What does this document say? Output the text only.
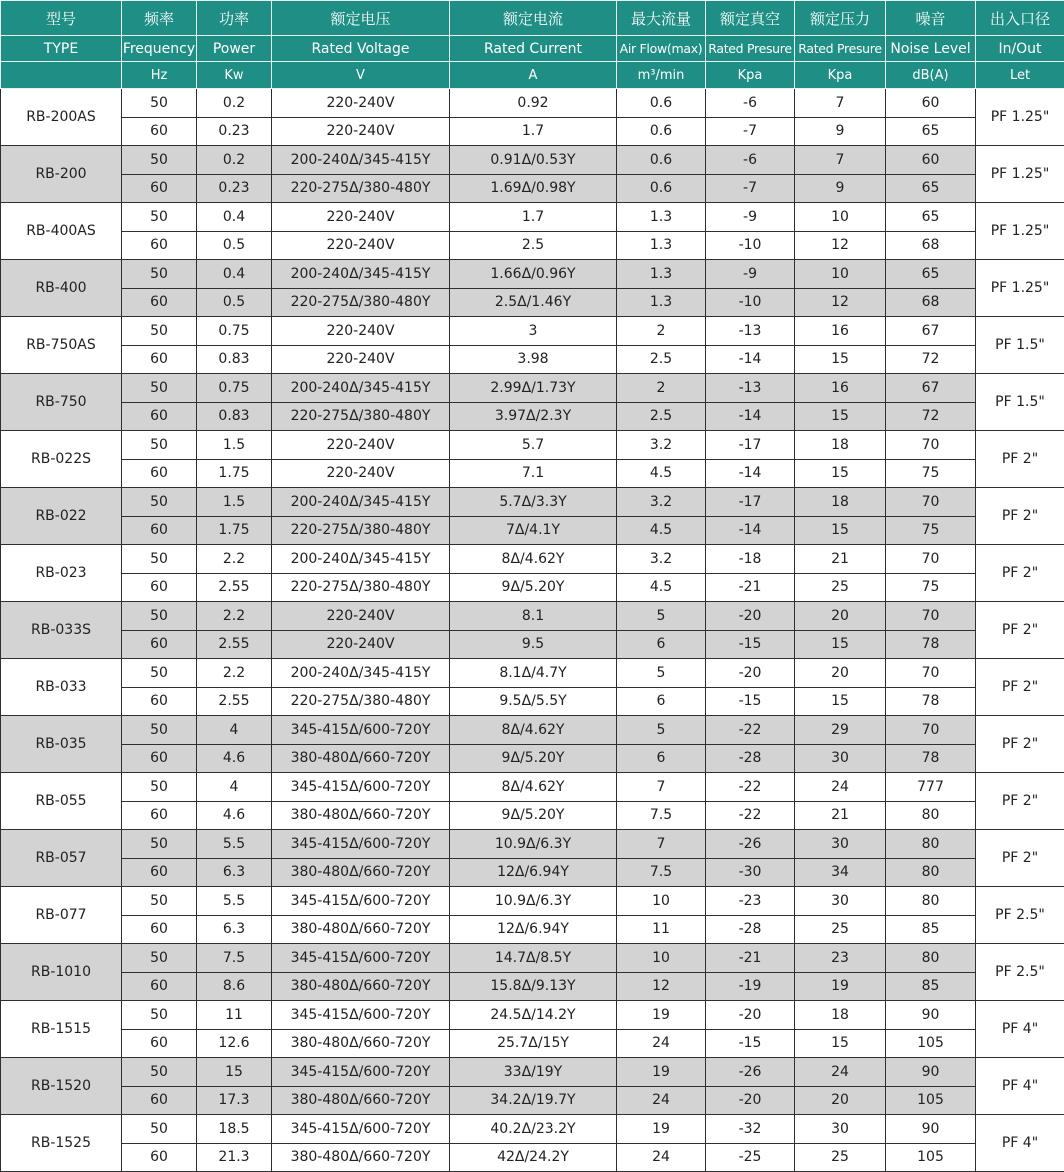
型号	频率	功率	额定电压	额定电流	最大流量	额定真空	额定压力	噪音	出入口径
TYPE	Frequency	Power	Rated Voltage	Rated Current	Air Flow(max)	Rated Presure	Rated Presure	Noise Level	In/Out
	Hz	Kw	V	A	m³/min	Kpa	Kpa	dB(A)	Let
RB-200AS	50	0.2	220-240V	0.92	0.6	-6	7	60	PF 1.25"
	60	0.23	220-240V	1.7	0.6	-7	9	65	
RB-200	50	0.2	200-240Δ/345-415Y	0.91Δ/0.53Y	0.6	-6	7	60	PF 1.25"
	60	0.23	220-275Δ/380-480Y	1.69Δ/0.98Y	0.6	-7	9	65	
RB-400AS	50	0.4	220-240V	1.7	1.3	-9	10	65	PF 1.25"
	60	0.5	220-240V	2.5	1.3	-10	12	68	
RB-400	50	0.4	200-240Δ/345-415Y	1.66Δ/0.96Y	1.3	-9	10	65	PF 1.25"
	60	0.5	220-275Δ/380-480Y	2.5Δ/1.46Y	1.3	-10	12	68	
RB-750AS	50	0.75	220-240V	3	2	-13	16	67	PF 1.5"
	60	0.83	220-240V	3.98	2.5	-14	15	72	
RB-750	50	0.75	200-240Δ/345-415Y	2.99Δ/1.73Y	2	-13	16	67	PF 1.5"
	60	0.83	220-275Δ/380-480Y	3.97Δ/2.3Y	2.5	-14	15	72	
RB-022S	50	1.5	220-240V	5.7	3.2	-17	18	70	PF 2"
	60	1.75	220-240V	7.1	4.5	-14	15	75	
RB-022	50	1.5	200-240Δ/345-415Y	5.7Δ/3.3Y	3.2	-17	18	70	PF 2"
	60	1.75	220-275Δ/380-480Y	7Δ/4.1Y	4.5	-14	15	75	
RB-023	50	2.2	200-240Δ/345-415Y	8Δ/4.62Y	3.2	-18	21	70	PF 2"
	60	2.55	220-275Δ/380-480Y	9Δ/5.20Y	4.5	-21	25	75	
RB-033S	50	2.2	220-240V	8.1	5	-20	20	70	PF 2"
	60	2.55	220-240V	9.5	6	-15	15	78	
RB-033	50	2.2	200-240Δ/345-415Y	8.1Δ/4.7Y	5	-20	20	70	PF 2"
	60	2.55	220-275Δ/380-480Y	9.5Δ/5.5Y	6	-15	15	78	
RB-035	50	4	345-415Δ/600-720Y	8Δ/4.62Y	5	-22	29	70	PF 2"
	60	4.6	380-480Δ/660-720Y	9Δ/5.20Y	6	-28	30	78	
RB-055	50	4	345-415Δ/600-720Y	8Δ/4.62Y	7	-22	24	777	PF 2"
	60	4.6	380-480Δ/660-720Y	9Δ/5.20Y	7.5	-22	21	80	
RB-057	50	5.5	345-415Δ/600-720Y	10.9Δ/6.3Y	7	-26	30	80	PF 2"
	60	6.3	380-480Δ/660-720Y	12Δ/6.94Y	7.5	-30	34	80	
RB-077	50	5.5	345-415Δ/600-720Y	10.9Δ/6.3Y	10	-23	30	80	PF 2.5"
	60	6.3	380-480Δ/660-720Y	12Δ/6.94Y	11	-28	25	85	
RB-1010	50	7.5	345-415Δ/600-720Y	14.7Δ/8.5Y	10	-21	23	80	PF 2.5"
	60	8.6	380-480Δ/660-720Y	15.8Δ/9.13Y	12	-19	19	85	
RB-1515	50	11	345-415Δ/600-720Y	24.5Δ/14.2Y	19	-20	18	90	PF 4"
	60	12.6	380-480Δ/660-720Y	25.7Δ/15Y	24	-15	15	105	
RB-1520	50	15	345-415Δ/600-720Y	33Δ/19Y	19	-26	24	90	PF 4"
	60	17.3	380-480Δ/660-720Y	34.2Δ/19.7Y	24	-20	20	105	
RB-1525	50	18.5	345-415Δ/600-720Y	40.2Δ/23.2Y	19	-32	30	90	PF 4"
	60	21.3	380-480Δ/660-720Y	42Δ/24.2Y	24	-25	25	105	
